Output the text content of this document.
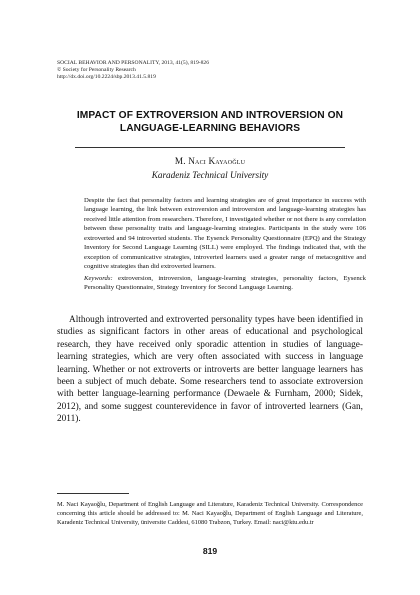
SOCIAL BEHAVIOR AND PERSONALITY, 2013, 41(5), 819-826
© Society for Personality Research
http://dx.doi.org/10.2224/sbp.2013.41.5.819
IMPACT OF EXTROVERSION AND INTROVERSION ON
LANGUAGE-LEARNING BEHAVIORS
M. Naci Kayaoğlu
Karadeniz Technical University
Despite the fact that personality factors and learning strategies are of great importance in success with language learning, the link between extroversion and introversion and language-learning strategies has received little attention from researchers. Therefore, I investigated whether or not there is any correlation between these personality traits and language-learning strategies. Participants in the study were 106 extroverted and 94 introverted students. The Eysenck Personality Questionnaire (EPQ) and the Strategy Inventory for Second Language Learning (SILL) were employed. The findings indicated that, with the exception of communicative strategies, introverted learners used a greater range of metacognitive and cognitive strategies than did extroverted learners.
Keywords: extroversion, introversion, language-learning strategies, personality factors, Eysenck Personality Questionnaire, Strategy Inventory for Second Language Learning.
Although introverted and extroverted personality types have been identified in studies as significant factors in other areas of educational and psychological research, they have received only sporadic attention in studies of language-learning strategies, which are very often associated with success in language learning. Whether or not extroverts or introverts are better language learners has been a subject of much debate. Some researchers tend to associate extroversion with better language-learning performance (Dewaele & Furnham, 2000; Sidek, 2012), and some suggest counterevidence in favor of introverted learners (Gan, 2011).
M. Naci Kayaoğlu, Department of English Language and Literature, Karadeniz Technical University. Correspondence concerning this article should be addressed to: M. Naci Kayaoğlu, Department of English Language and Literature, Karadeniz Technical University, üniversite Caddesi, 61080 Trabzon, Turkey. Email: naci@ktu.edu.tr
819
